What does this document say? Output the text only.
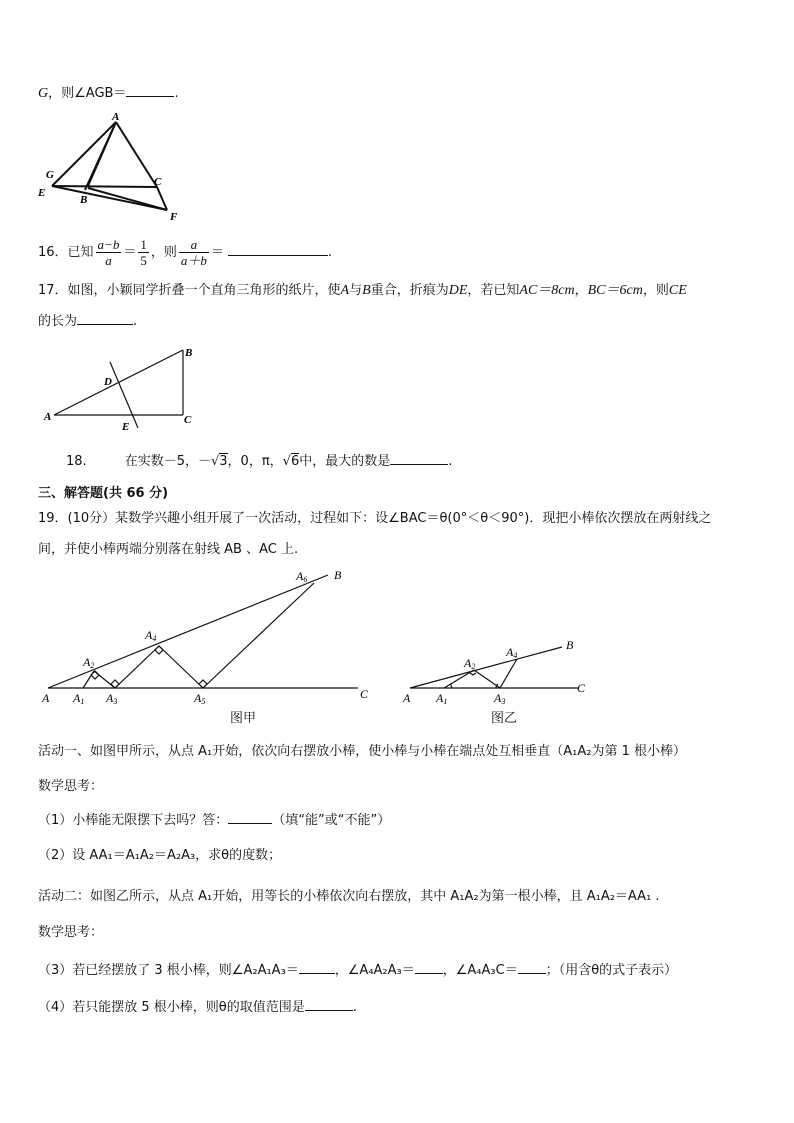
G，则∠AGB＝	.
A
G
E
B
C
F
16．已知 $\frac{a-b}{a} = \frac{1}{5}$ ，则 $\frac{a}{a+b}$ ＝	.
17．如图，小颖同学折叠一个直角三角形的纸片，使A与B重合，折痕为DE，若已知AC＝8cm，BC＝6cm，则CE
的长为	.
A
B
C
D
E
18.	在实数－5，－√3，0，π，√6中，最大的数是	.
三、解答题(共 66 分)
19．(10分）某数学兴趣小组开展了一次活动，过程如下：设∠BAC＝θ(0°＜θ＜90°)．现把小棒依次摆放在两射线之
间，并使小棒两端分别落在射线 AB 、AC 上.
A A1
A2
A3
A4
A5
A6 B
C
图甲
A A1
A2
A3
A4
B
C
图乙
活动一、如图甲所示，从点 A₁开始，依次向右摆放小棒，使小棒与小棒在端点处互相垂直（A₁A₂为第 1 根小棒）
数学思考：
（1）小棒能无限摆下去吗？答：	（填“能”或“不能”）
（2）设 AA₁＝A₁A₂＝A₂A₃，求θ的度数；
活动二：如图乙所示，从点 A₁开始，用等长的小棒依次向右摆放，其中 A₁A₂为第一根小棒，且 A₁A₂＝AA₁ .
数学思考：
（3）若已经摆放了 3 根小棒，则∠A₂A₁A₃＝	，∠A₄A₂A₃＝ ，∠A₄A₃C＝ ；（用含θ的式子表示）
（4）若只能摆放 5 根小棒，则θ的取值范围是	.
